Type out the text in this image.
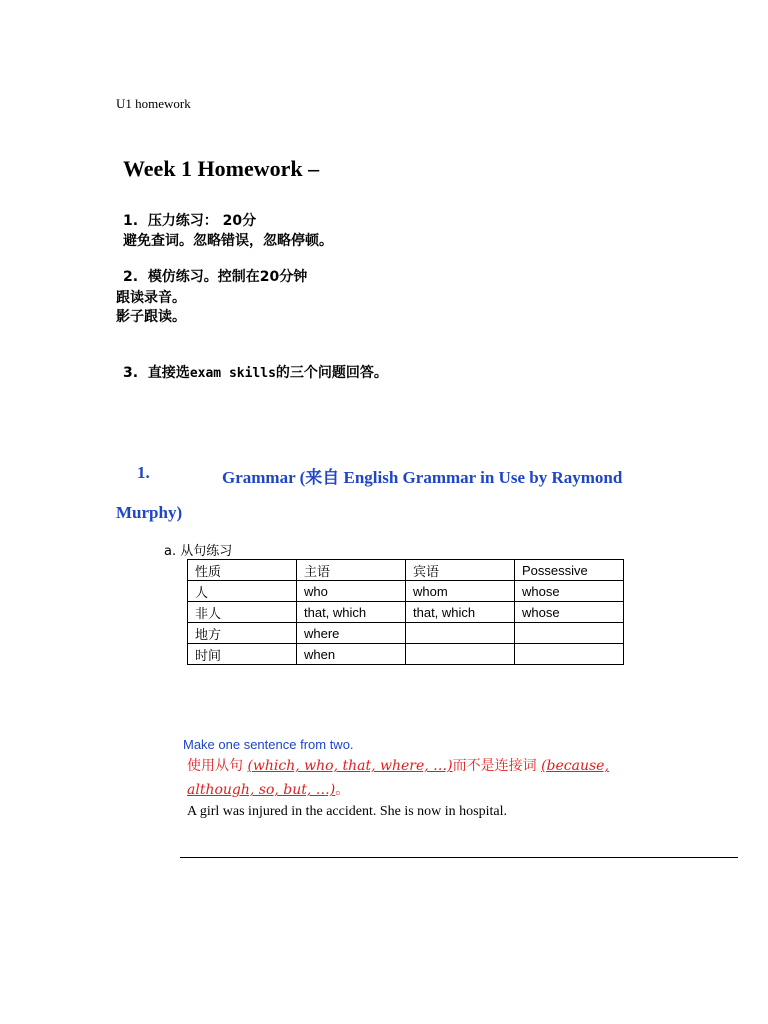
U1 homework
Week 1 Homework –
1. 压力练习： 20分
避免查词。忽略错误，忽略停顿。
2. 模仿练习。控制在20分钟
跟读录音。
影子跟读。
3. 直接选exam skills的三个问题回答。
1.	Grammar (来自 English Grammar in Use by Raymond
Murphy)
a. 从句练习
性质	主语	宾语	Possessive
人	who	whom	whose
非人	that, which	that, which	whose
地方	where		
时间	when		
Make one sentence from two.
使用从句 (which, who, that, where, …)而不是连接词 (because,
although, so, but, …)。
A girl was injured in the accident. She is now in hospital.
